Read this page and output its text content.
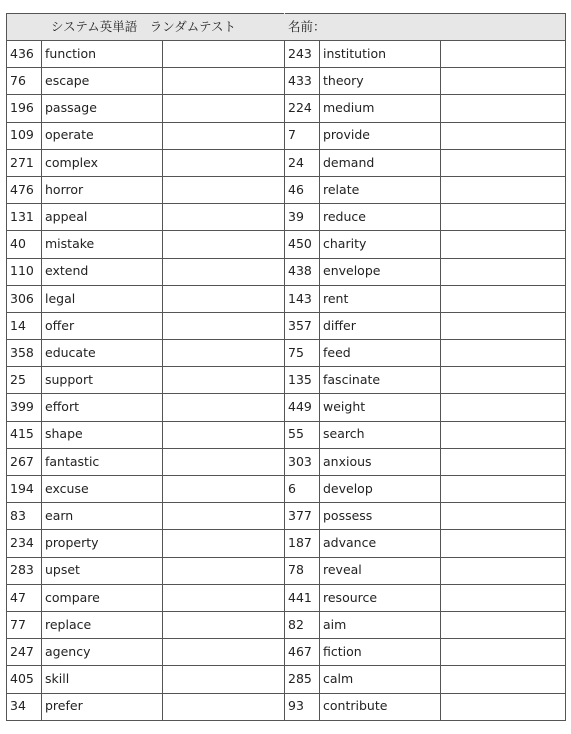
システム英単語　ランダムテスト			名前：		
436	function		243	institution	
76	escape		433	theory	
196	passage		224	medium	
109	operate		7	provide	
271	complex		24	demand	
476	horror		46	relate	
131	appeal		39	reduce	
40	mistake		450	charity	
110	extend		438	envelope	
306	legal		143	rent	
14	offer		357	differ	
358	educate		75	feed	
25	support		135	fascinate	
399	effort		449	weight	
415	shape		55	search	
267	fantastic		303	anxious	
194	excuse		6	develop	
83	earn		377	possess	
234	property		187	advance	
283	upset		78	reveal	
47	compare		441	resource	
77	replace		82	aim	
247	agency		467	fiction	
405	skill		285	calm	
34	prefer		93	contribute	
